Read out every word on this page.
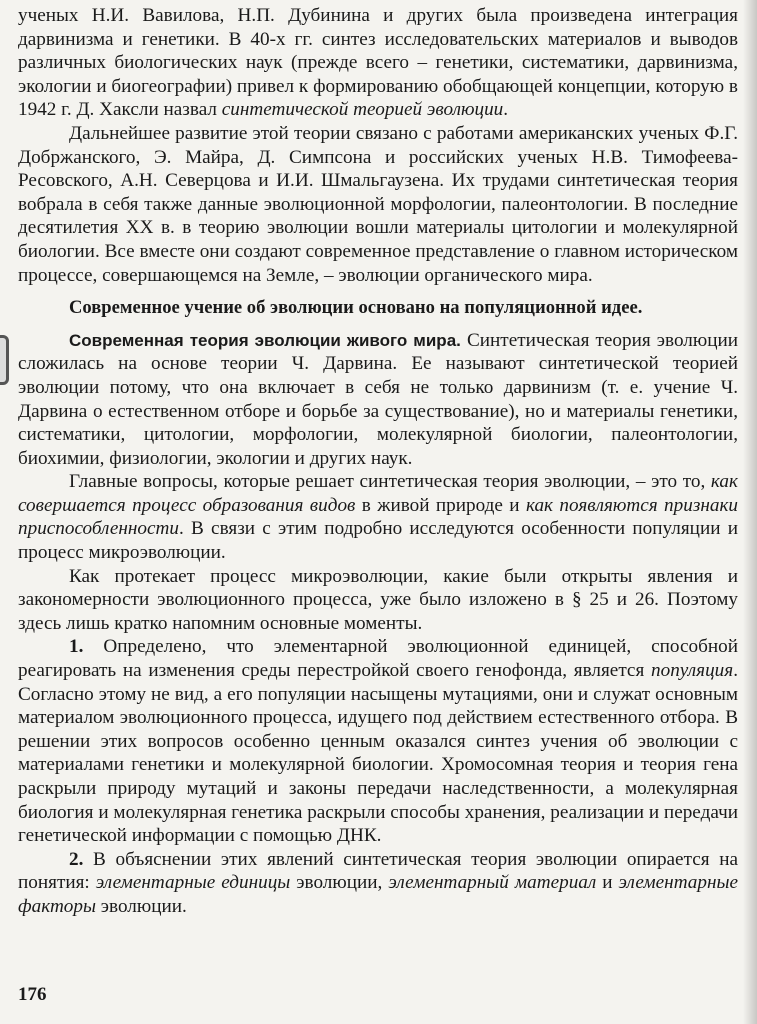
ученых Н.И. Вавилова, Н.П. Дубинина и других была произведена интеграция дарвинизма и генетики. В 40-х гг. синтез исследовательских материалов и выводов различных биологических наук (прежде всего – генетики, систематики, дарвинизма, экологии и биогеографии) привел к формированию обобщающей концепции, которую в 1942 г. Д. Хаксли назвал синтетической теорией эволюции.

Дальнейшее развитие этой теории связано с работами американских ученых Ф.Г. Добржанского, Э. Майра, Д. Симпсона и российских ученых Н.В. Тимофеева-Ресовского, А.Н. Северцова и И.И. Шмальгаузена. Их трудами синтетическая теория вобрала в себя также данные эволюционной морфологии, палеонтологии. В последние десятилетия XX в. в теорию эволюции вошли материалы цитологии и молекулярной биологии. Все вместе они создают современное представление о главном историческом процессе, совершающемся на Земле, – эволюции органического мира.

Современное учение об эволюции основано на популяционной идее.

Современная теория эволюции живого мира. Синтетическая теория эволюции сложилась на основе теории Ч. Дарвина. Ее называют синтетической теорией эволюции потому, что она включает в себя не только дарвинизм (т. е. учение Ч. Дарвина о естественном отборе и борьбе за существование), но и материалы генетики, систематики, цитологии, морфологии, молекулярной биологии, палеонтологии, биохимии, физиологии, экологии и других наук.

Главные вопросы, которые решает синтетическая теория эволюции, – это то, как совершается процесс образования видов в живой природе и как появляются признаки приспособленности. В связи с этим подробно исследуются особенности популяции и процесс микроэволюции.

Как протекает процесс микроэволюции, какие были открыты явления и закономерности эволюционного процесса, уже было изложено в § 25 и 26. Поэтому здесь лишь кратко напомним основные моменты.

1. Определено, что элементарной эволюционной единицей, способной реагировать на изменения среды перестройкой своего генофонда, является популяция. Согласно этому не вид, а его популяции насыщены мутациями, они и служат основным материалом эволюционного процесса, идущего под действием естественного отбора. В решении этих вопросов особенно ценным оказался синтез учения об эволюции с материалами генетики и молекулярной биологии. Хромосомная теория и теория гена раскрыли природу мутаций и законы передачи наследственности, а молекулярная биология и молекулярная генетика раскрыли способы хранения, реализации и передачи генетической информации с помощью ДНК.

2. В объяснении этих явлений синтетическая теория эволюции опирается на понятия: элементарные единицы эволюции, элементарный материал и элементарные факторы эволюции.

176
